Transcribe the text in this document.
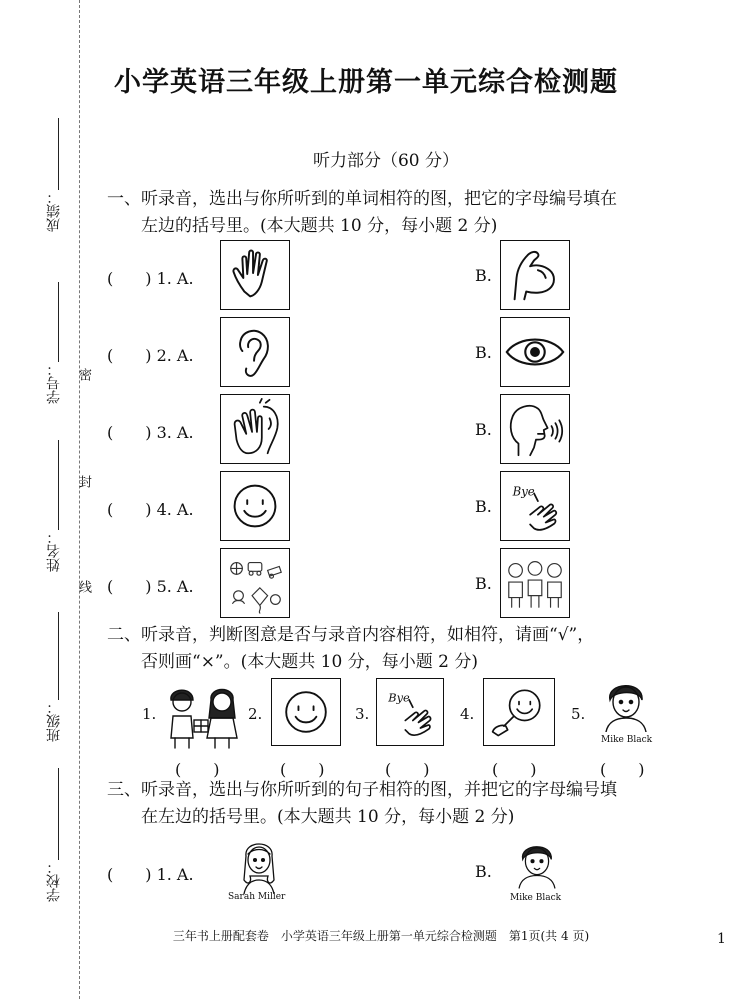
成绩：
学号：
姓名：
班级：
学校：
密
封
线
小学英语三年级上册第一单元综合检测题
听力部分（60 分）
一、听录音，选出与你所听到的单词相符的图，把它的字母编号填在
左边的括号里。(本大题共 10 分，每小题 2 分)
(　　) 1. A.	B.
(　　) 2. A.	B.
(　　) 3. A.	B.
(　　) 4. A.	B.
Bye
(　　) 5. A.	B.
二、听录音，判断图意是否与录音内容相符，如相符，请画“√”，
否则画“×”。(本大题共 10 分，每小题 2 分)
1.	2.	3.
Bye
4.	5.
Mike Black
(　　)	(　　)	(　　)	(　　)	(　　)
三、听录音，选出与你所听到的句子相符的图，并把它的字母编号填
在左边的括号里。(本大题共 10 分，每小题 2 分)
(　　) 1. A.
Sarah Miller
B.
Mike Black
三年书上册配套卷　小学英语三年级上册第一单元综合检测题　第1页(共 4 页)	1
